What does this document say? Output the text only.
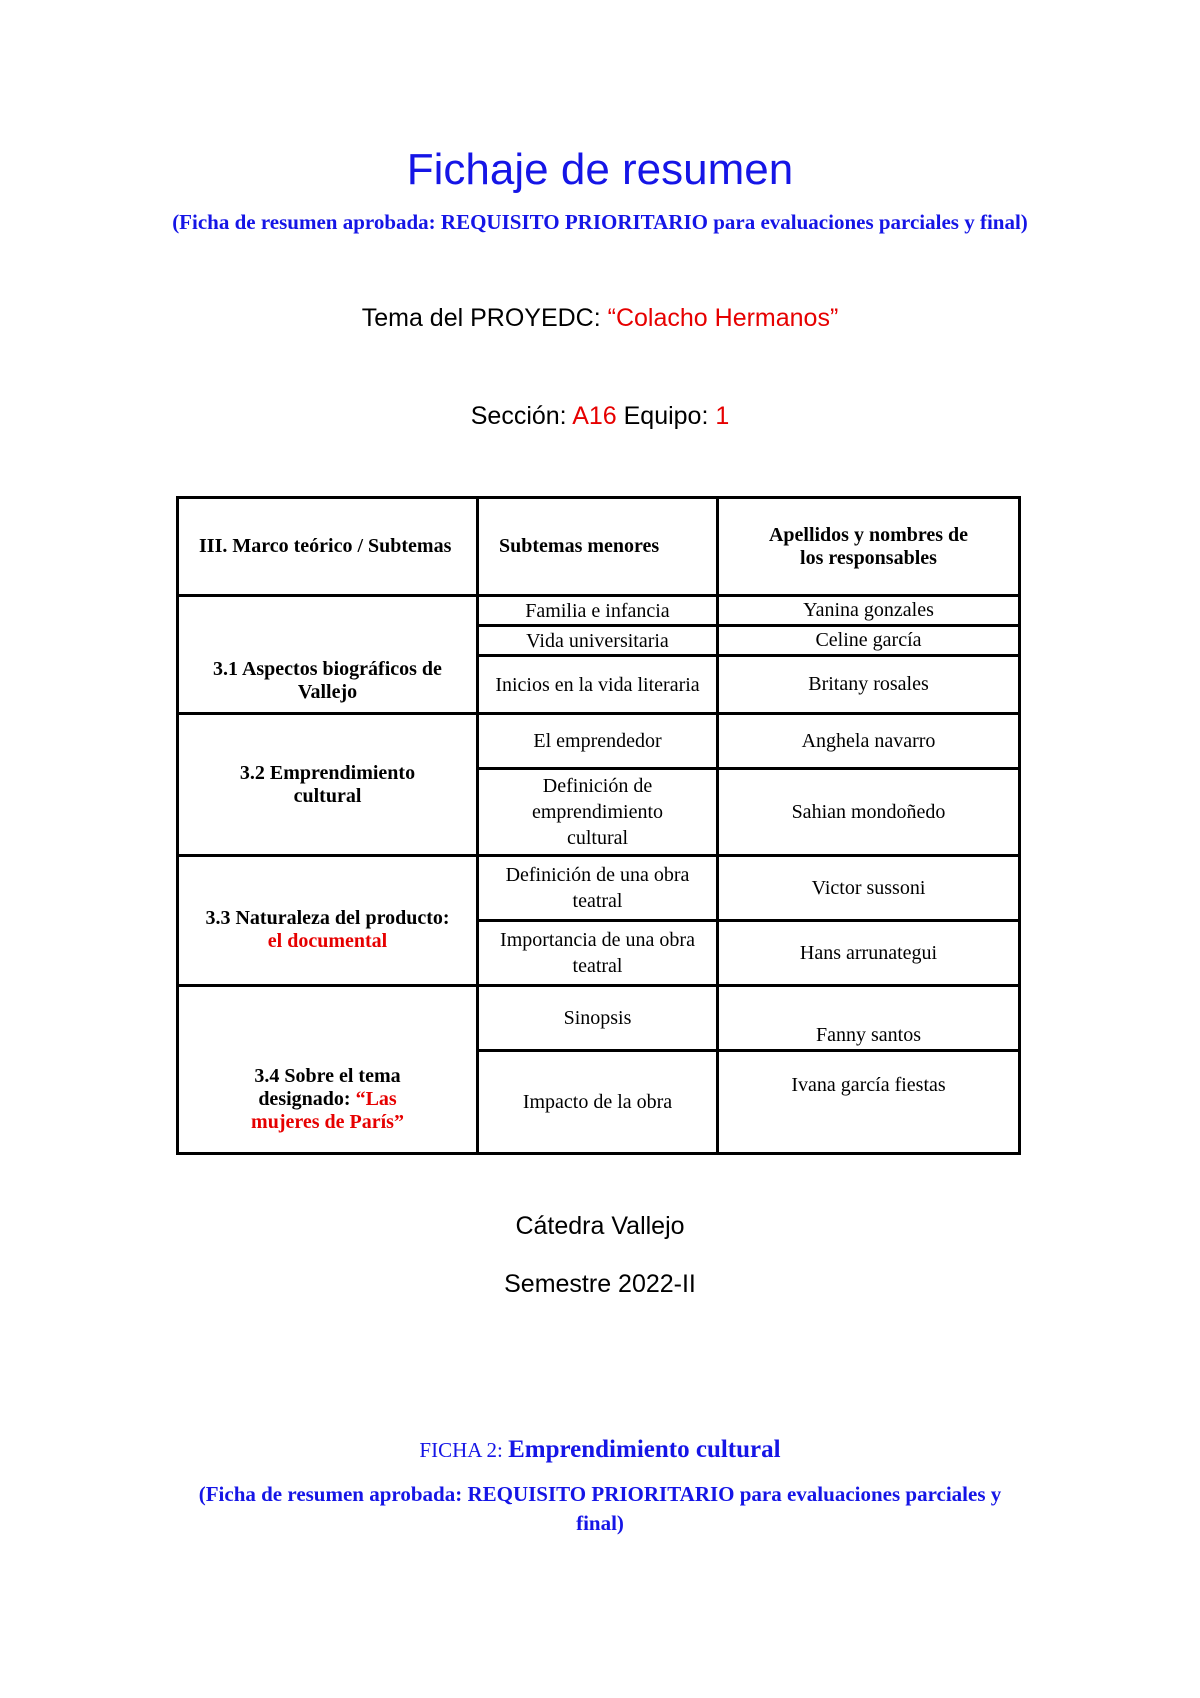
Fichaje de resumen
(Ficha de resumen aprobada: REQUISITO PRIORITARIO para evaluaciones parciales y final)
Tema del PROYEDC: “Colacho Hermanos”
Sección: A16 Equipo: 1
III. Marco teórico / Subtemas	Subtemas menores	Apellidos y nombres de los responsables

3.1 Aspectos biográficos de Vallejo	Familia e infancia	Yanina gonzales
	Vida universitaria	Celine garcía
	Inicios en la vida literaria	Britany rosales

3.2 Emprendimiento cultural	El emprendedor	Anghela navarro

	Definición de emprendimiento cultural	Sahian mondoñedo

3.3 Naturaleza del producto: el documental	Definición de una obra teatral	Victor sussoni

	Importancia de una obra teatral	Hans arrunategui

3.4 Sobre el tema designado: “Las mujeres de París”	Sinopsis	Fanny santos
	Impacto de la obra	Ivana garcía fiestas
Cátedra Vallejo
Semestre 2022-II
FICHA 2: Emprendimiento cultural
(Ficha de resumen aprobada: REQUISITO PRIORITARIO para evaluaciones parciales y final)
